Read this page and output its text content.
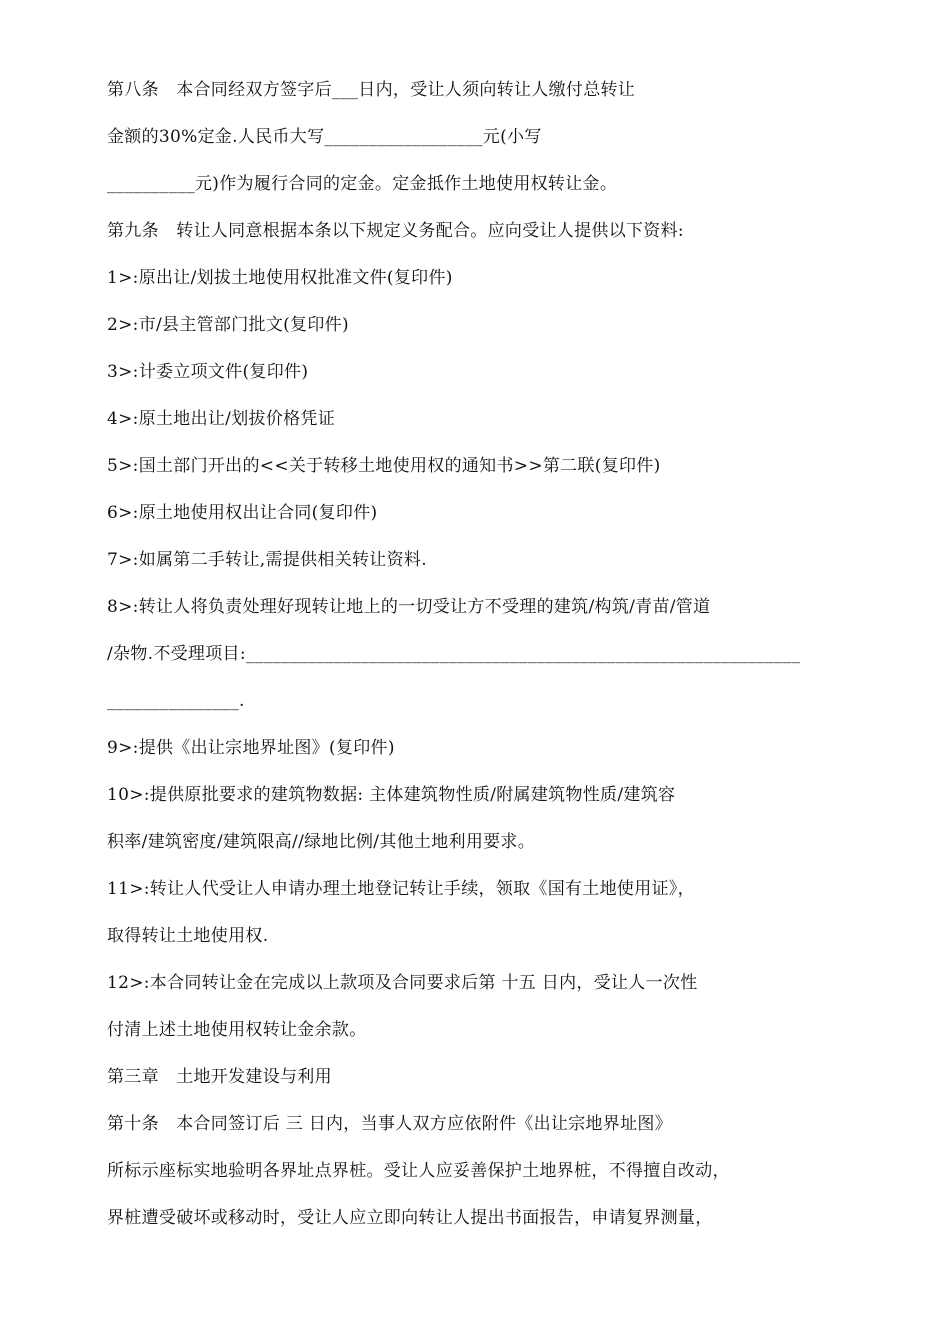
第八条　本合同经双方签字后___日内，受让人须向转让人缴付总转让
金额的30%定金.人民币大写__________________元(小写
__________元)作为履行合同的定金。定金抵作土地使用权转让金。
第九条　转让人同意根据本条以下规定义务配合。应向受让人提供以下资料:
1>:原出让/划拔土地使用权批准文件(复印件)
2>:市/县主管部门批文(复印件)
3>:计委立项文件(复印件)
4>:原土地出让/划拔价格凭证
5>:国土部门开出的<<关于转移土地使用权的通知书>>第二联(复印件)
6>:原土地使用权出让合同(复印件)
7>:如属第二手转让,需提供相关转让资料.
8>:转让人将负责处理好现转让地上的一切受让方不受理的建筑/构筑/青苗/管道
/杂物.不受理项目:_______________________________________________________________
_______________.
9>:提供《出让宗地界址图》(复印件)
10>:提供原批要求的建筑物数据: 主体建筑物性质/附属建筑物性质/建筑容
积率/建筑密度/建筑限高//绿地比例/其他土地利用要求。
11>:转让人代受让人申请办理土地登记转让手续，领取《国有土地使用证》，
取得转让土地使用权.
12>:本合同转让金在完成以上款项及合同要求后第 十五 日内，受让人一次性
付清上述土地使用权转让金余款。
第三章　土地开发建设与利用
第十条　本合同签订后 三 日内，当事人双方应依附件《出让宗地界址图》
所标示座标实地验明各界址点界桩。受让人应妥善保护土地界桩，不得擅自改动，
界桩遭受破坏或移动时，受让人应立即向转让人提出书面报告，申请复界测量，
